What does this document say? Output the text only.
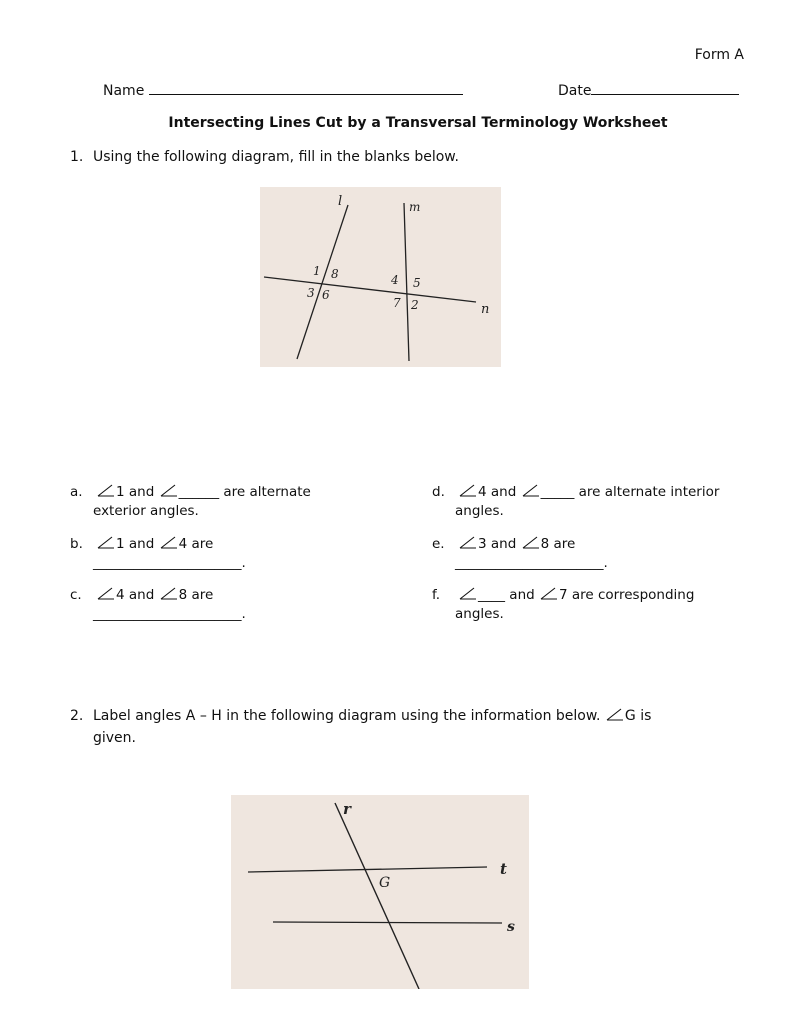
Form A
Name	Date
Intersecting Lines Cut by a Transversal Terminology Worksheet
1. Using the following diagram, fill in the blanks below.
l	m
n
1 8
3 6
4 5
7 2
a. 1 and
______ are alternate
exterior angles.
b. 1 and
4 are
______________________.
c.	4 and
8 are
______________________.
d. 4 and
_____ are alternate interior
angles.
e. 3 and
8 are
______________________.
f.	____ and
7 are corresponding
angles.
2. Label angles A – H in the following diagram using the information below.
G is
given.
r
t
s
G
